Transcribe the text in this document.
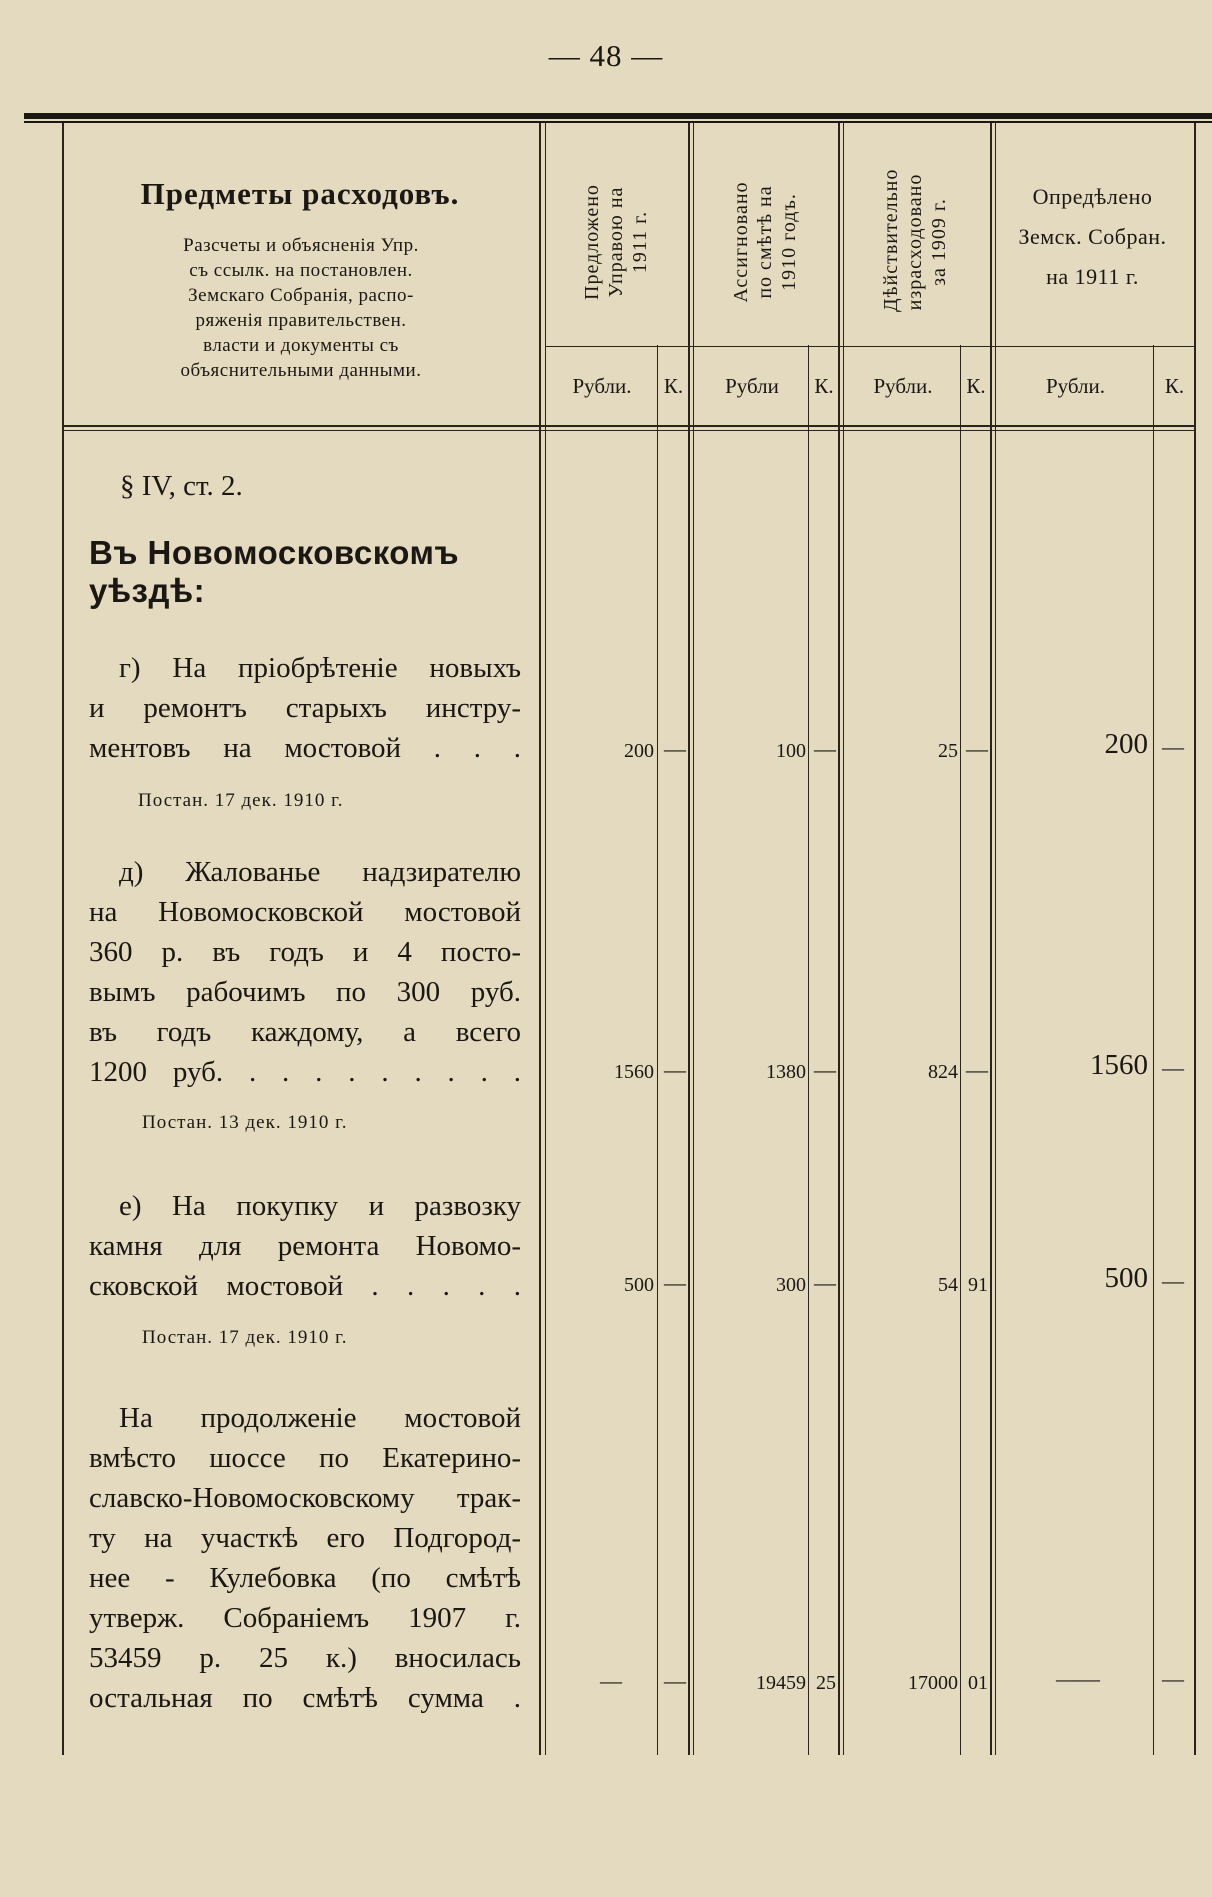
— 48 —
Предметы расходовъ.
Разсчеты и объясненія Упр.
съ ссылк. на постановлен.
Земскаго Собранія, распо-
ряженія правительствен.
власти и документы съ
объяснительными данными.
Предложено
Управою на
1911 г.	Ассигновано
по смѣтѣ на
1910 годъ.	Дѣйствительно
израсходовано
за 1909 г.	Опредѣлено
Земск. Собран.
на 1911 г.
Рубли.	К.	Рубли	К.	Рубли.	К.	Рубли.	К.
§ IV, ст. 2.
Въ Новомосковскомъ уѣздѣ:
г) На пріобрѣтеніе новыхъ
и ремонтъ старыхъ инстру-
ментовъ на мостовой . . .
Постан. 17 дек. 1910 г.
200 —	100 —	25 —	200 —
д) Жалованье надзирателю
на Новомосковской мостовой
360 р. въ годъ и 4 посто-
вымъ рабочимъ по 300 руб.
въ годъ каждому, а всего
1200 руб. . . . . . . . . .
Постан. 13 дек. 1910 г.
1560 —	1380 —	824 —	1560 —
е) На покупку и развозку
камня для ремонта Новомо-
сковской мостовой . . . . .
Постан. 17 дек. 1910 г.
500 —	300 —	54 91	500 —
На продолженіе мостовой
вмѣсто шоссе по Екатерино-
славско-Новомосковскому трак-
ту на участкѣ его Подгород-
нее - Кулебовка (по смѣтѣ
утверж. Собраніемъ 1907 г.
53459 р. 25 к.) вносилась
остальная по смѣтѣ сумма .
— —	19459 25	17000 01	——	—
